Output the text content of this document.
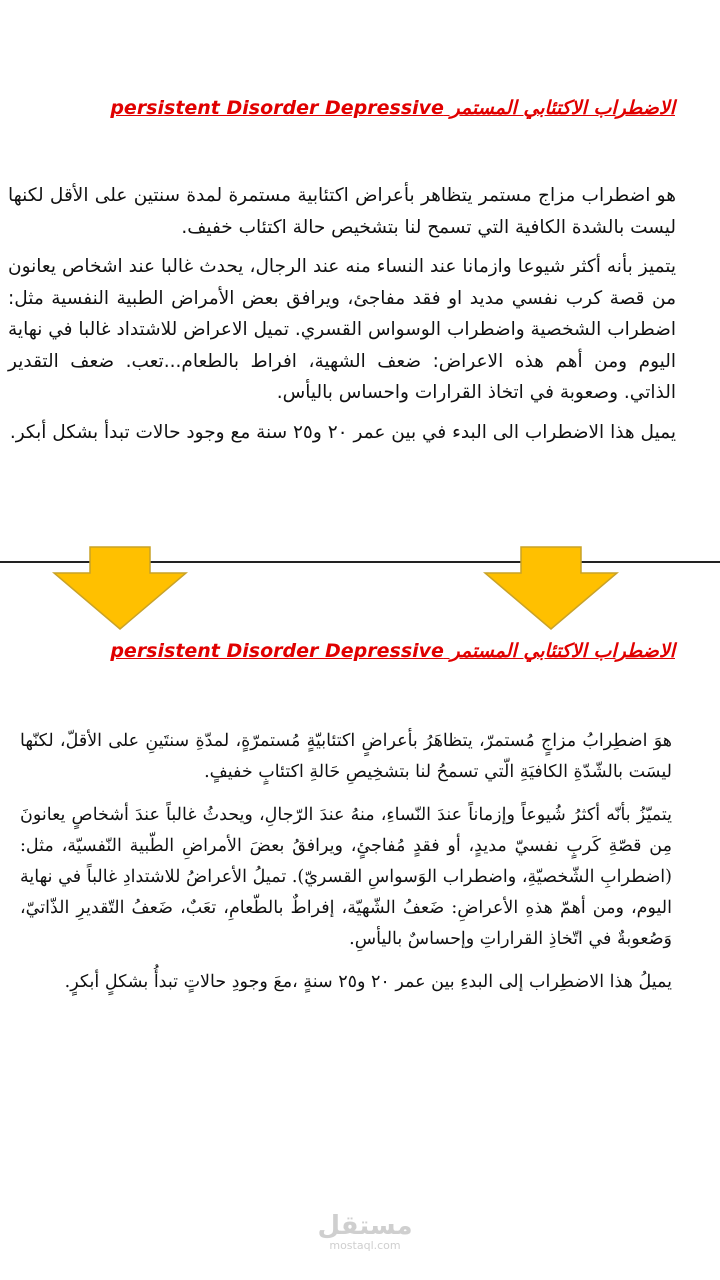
الاضطراب الاكتئابي المستمر persistent Disorder Depressive

هو اضطراب مزاج مستمر يتظاهر بأعراض اكتئابية مستمرة لمدة سنتين على الأقل لكنها ليست بالشدة الكافية التي تسمح لنا بتشخيص حالة اكتئاب خفيف.

يتميز بأنه أكثر شيوعا وازمانا عند النساء منه عند الرجال، يحدث غالبا عند اشخاص يعانون من قصة كرب نفسي مديد او فقد مفاجئ، ويرافق بعض الأمراض الطبية النفسية مثل: اضطراب الشخصية واضطراب الوسواس القسري. تميل الاعراض للاشتداد غالبا في نهاية اليوم ومن أهم هذه الاعراض: ضعف الشهية، افراط بالطعام...تعب. ضعف التقدير الذاتي. وصعوبة في اتخاذ القرارات واحساس باليأس.

يميل هذا الاضطراب الى البدء في بين عمر ٢٠ و٢٥ سنة مع وجود حالات تبدأ بشكل أبكر.

الاضطراب الاكتئابي المستمر persistent Disorder Depressive

هوَ اضطِرابُ مزاجٍ مُستمرّ، يتظاهَرُ بأعراضٍ اكتئابيّةٍ مُستمرّةٍ، لمدّةِ سنتَينِ على الأقلّ، لكنّها ليسَت بالشّدّةِ الكافيَةِ الّتي تسمحُ لنا بتشخِيصِ حَالةِ اكتئابٍ خفيفٍ.

يتميّزُ بأنّه أكثرُ شُيوعاً وإزماناً عندَ النّساءِ، منهُ عندَ الرّجالِ، ويحدثُ غالباً عندَ أشخاصٍ يعانونَ مِن قصّةِ كَربٍ نفسيّ مديدٍ، أو فقدٍ مُفاجئٍ، ويرافقُ بعضَ الأمراضِ الطّبية النّفسيّة، مثل: (اضطرابِ الشّخصيّةِ، واضطراب الوَسواسِ القسريّ). تميلُ الأعراضُ للاشتدادِ غالباً في نهاية اليوم، ومن أهمّ هذهِ الأعراضِ: ضَعفُ الشّهيّة، إفراطٌ بالطّعامِ، تعَبٌ، ضَعفُ التّقديرِ الذّاتيّ، وَصُعوبةٌ في اتّخاذِ القراراتِ وإحساسٌ باليأسِ.

يميلُ هذا الاضطِراب إلى البدءِ بين عمر ٢٠ و٢٥ سنةٍ ،معَ وجودِ حالاتٍ تبدأُ بشكلٍ أبكرٍ.

مستقل
mostaql.com
